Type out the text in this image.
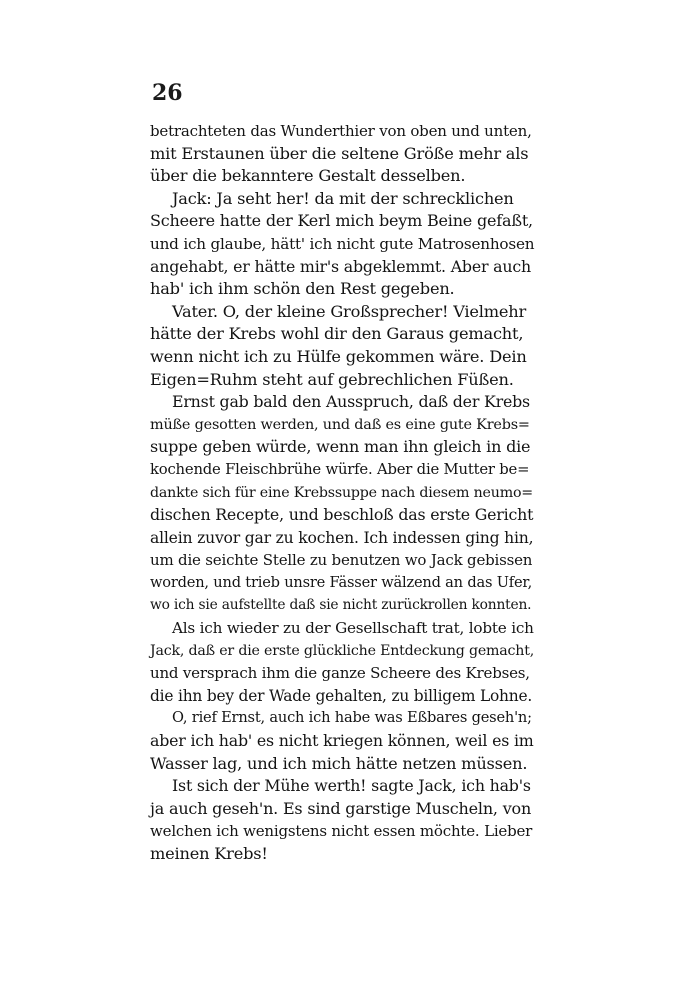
26
betrachteten das Wunderthier von oben und unten,
mit Erstaunen über die seltene Größe mehr als
über die bekanntere Gestalt desselben.
Jack: Ja seht her! da mit der schrecklichen
Scheere hatte der Kerl mich beym Beine gefaßt,
und ich glaube, hätt' ich nicht gute Matrosenhosen
angehabt, er hätte mir's abgeklemmt. Aber auch
hab' ich ihm schön den Rest gegeben.
Vater. O, der kleine Großsprecher! Vielmehr
hätte der Krebs wohl dir den Garaus gemacht,
wenn nicht ich zu Hülfe gekommen wäre. Dein
Eigen=Ruhm steht auf gebrechlichen Füßen.
Ernst gab bald den Ausspruch, daß der Krebs
müße gesotten werden, und daß es eine gute Krebs=
suppe geben würde, wenn man ihn gleich in die
kochende Fleischbrühe würfe. Aber die Mutter be=
dankte sich für eine Krebssuppe nach diesem neumo=
dischen Recepte, und beschloß das erste Gericht
allein zuvor gar zu kochen. Ich indessen ging hin,
um die seichte Stelle zu benutzen wo Jack gebissen
worden, und trieb unsre Fässer wälzend an das Ufer,
wo ich sie aufstellte daß sie nicht zurückrollen konnten.
Als ich wieder zu der Gesellschaft trat, lobte ich
Jack, daß er die erste glückliche Entdeckung gemacht,
und versprach ihm die ganze Scheere des Krebses,
die ihn bey der Wade gehalten, zu billigem Lohne.
O, rief Ernst, auch ich habe was Eßbares geseh'n;
aber ich hab' es nicht kriegen können, weil es im
Wasser lag, und ich mich hätte netzen müssen.
Ist sich der Mühe werth! sagte Jack, ich hab's
ja auch geseh'n. Es sind garstige Muscheln, von
welchen ich wenigstens nicht essen möchte. Lieber
meinen Krebs!
